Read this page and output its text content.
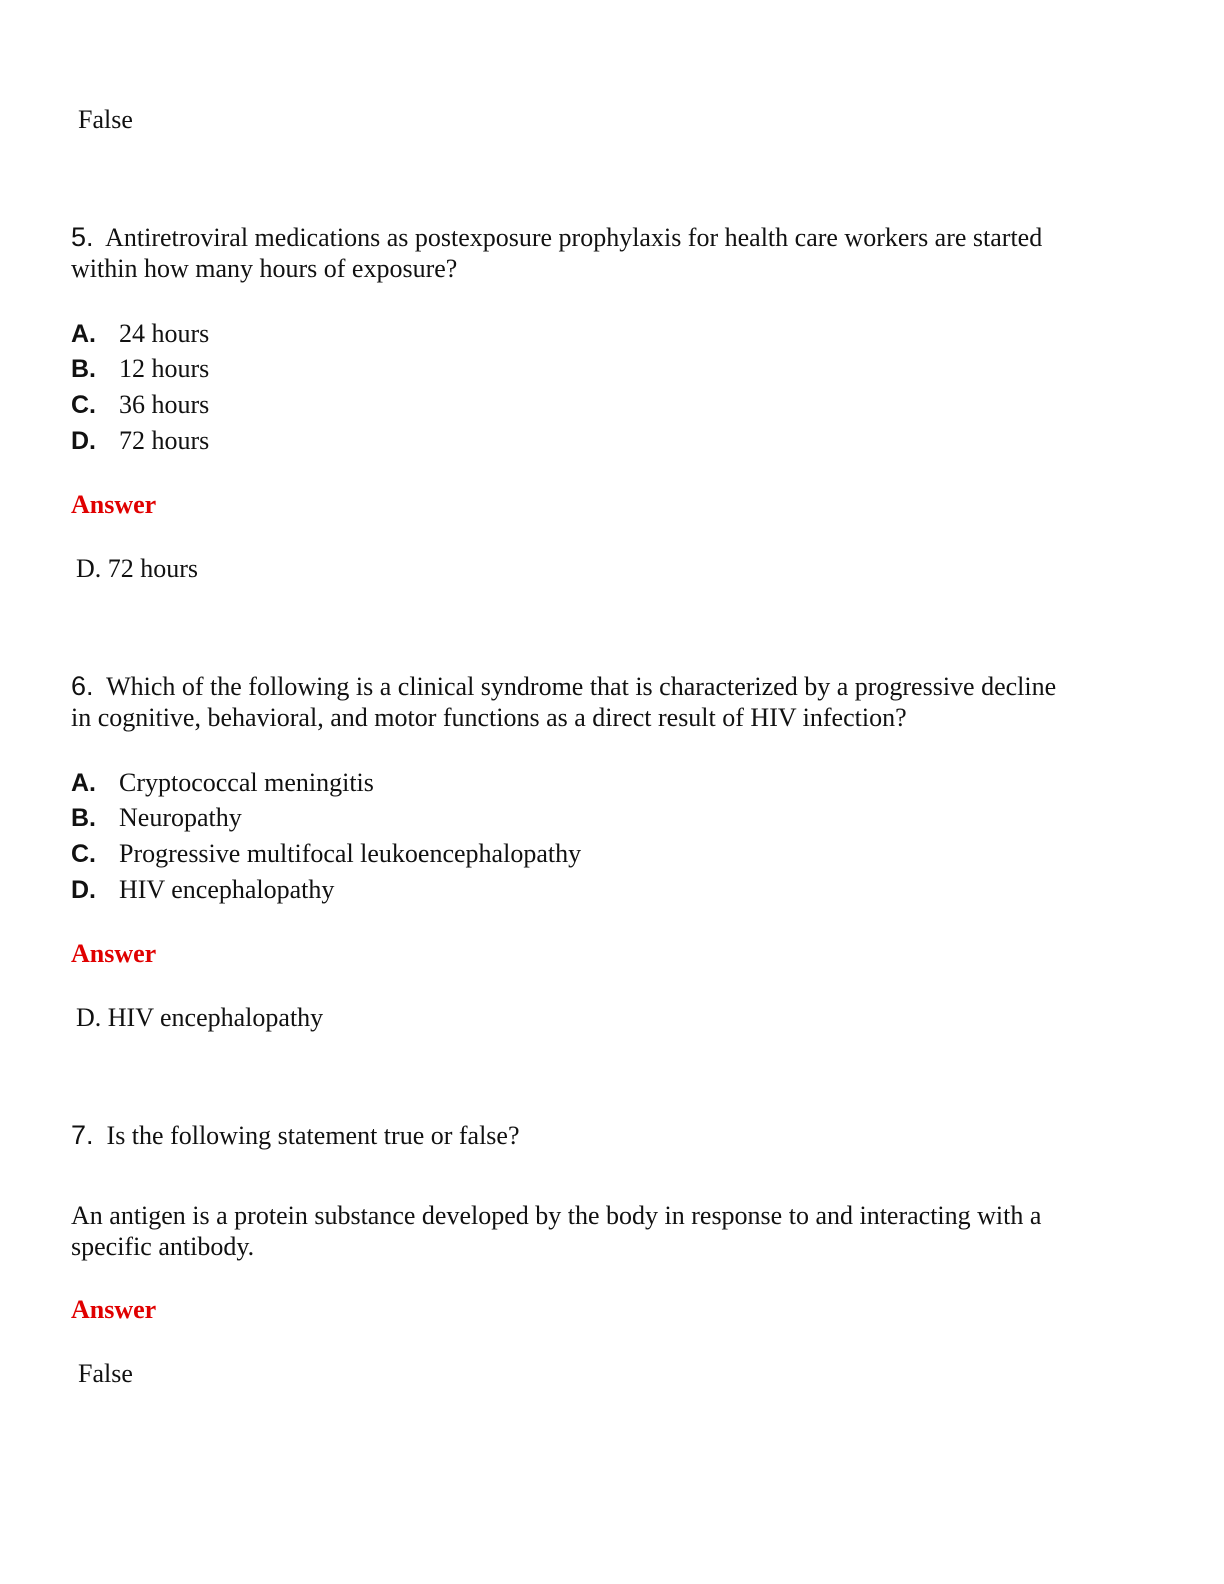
False
5. Antiretroviral medications as postexposure prophylaxis for health care workers are started
within how many hours of exposure?
A. 24 hours
B. 12 hours
C. 36 hours
D. 72 hours
Answer
D. 72 hours
6. Which of the following is a clinical syndrome that is characterized by a progressive decline
in cognitive, behavioral, and motor functions as a direct result of HIV infection?
A. Cryptococcal meningitis
B. Neuropathy
C. Progressive multifocal leukoencephalopathy
D. HIV encephalopathy
Answer
D. HIV encephalopathy
7. Is the following statement true or false?
An antigen is a protein substance developed by the body in response to and interacting with a
specific antibody.
Answer
False
